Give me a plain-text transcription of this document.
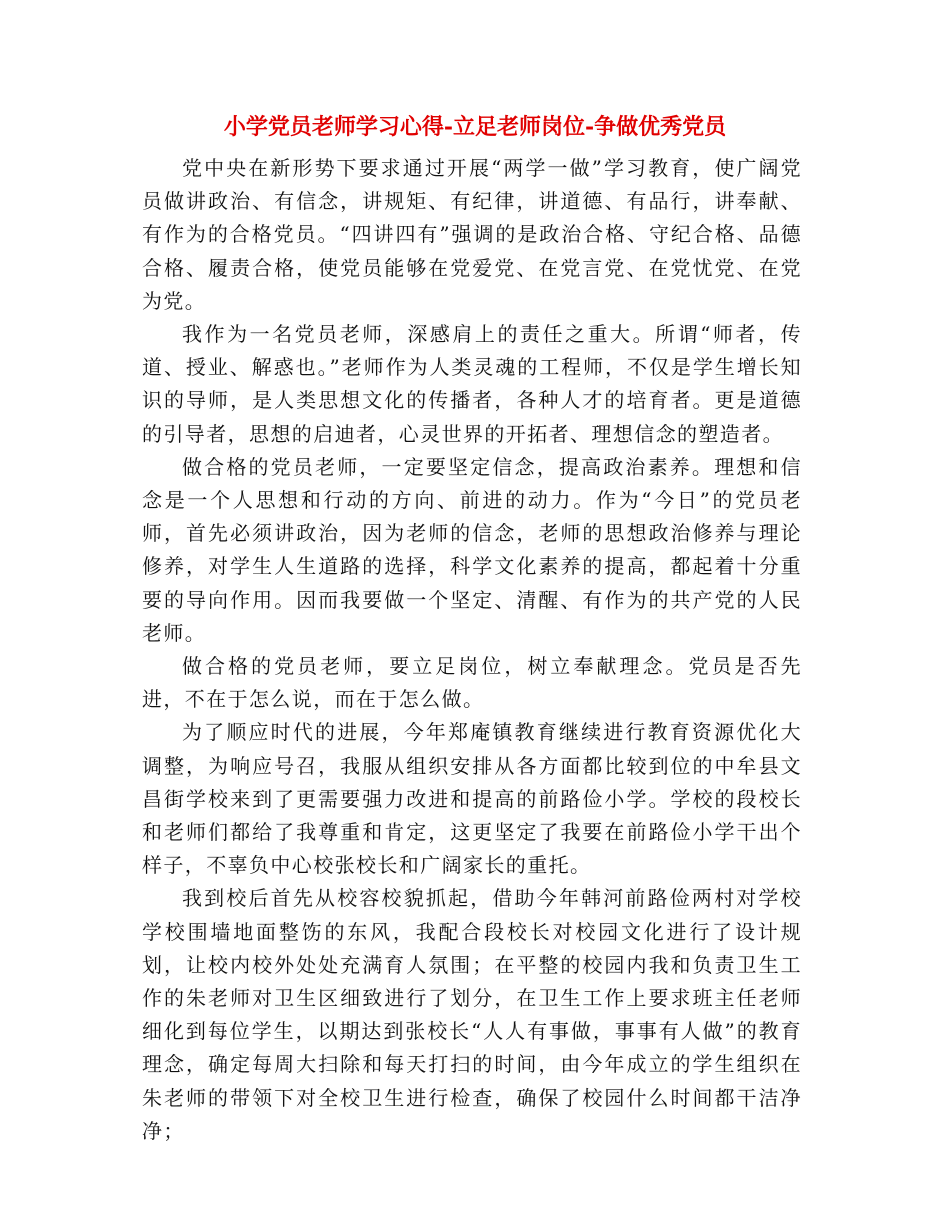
小学党员老师学习心得-立足老师岗位-争做优秀党员

党中央在新形势下要求通过开展“两学一做”学习教育，使广阔党员做讲政治、有信念，讲规矩、有纪律，讲道德、有品行，讲奉献、有作为的合格党员。“四讲四有”强调的是政治合格、守纪合格、品德合格、履责合格，使党员能够在党爱党、在党言党、在党忧党、在党为党。

我作为一名党员老师，深感肩上的责任之重大。所谓“师者，传道、授业、解惑也。”老师作为人类灵魂的工程师，不仅是学生增长知识的导师，是人类思想文化的传播者，各种人才的培育者。更是道德的引导者，思想的启迪者，心灵世界的开拓者、理想信念的塑造者。

做合格的党员老师，一定要坚定信念，提高政治素养。理想和信念是一个人思想和行动的方向、前进的动力。作为“今日”的党员老师，首先必须讲政治，因为老师的信念，老师的思想政治修养与理论修养，对学生人生道路的选择，科学文化素养的提高，都起着十分重要的导向作用。因而我要做一个坚定、清醒、有作为的共产党的人民老师。

做合格的党员老师，要立足岗位，树立奉献理念。党员是否先进，不在于怎么说，而在于怎么做。

为了顺应时代的进展，今年郑庵镇教育继续进行教育资源优化大调整，为响应号召，我服从组织安排从各方面都比较到位的中牟县文昌街学校来到了更需要强力改进和提高的前路俭小学。学校的段校长和老师们都给了我尊重和肯定，这更坚定了我要在前路俭小学干出个样子，不辜负中心校张校长和广阔家长的重托。

我到校后首先从校容校貌抓起，借助今年韩河前路俭两村对学校学校围墙地面整饬的东风，我配合段校长对校园文化进行了设计规划，让校内校外处处充满育人氛围；在平整的校园内我和负责卫生工作的朱老师对卫生区细致进行了划分，在卫生工作上要求班主任老师细化到每位学生，以期达到张校长“人人有事做，事事有人做”的教育理念，确定每周大扫除和每天打扫的时间，由今年成立的学生组织在朱老师的带领下对全校卫生进行检查，确保了校园什么时间都干洁净净；
